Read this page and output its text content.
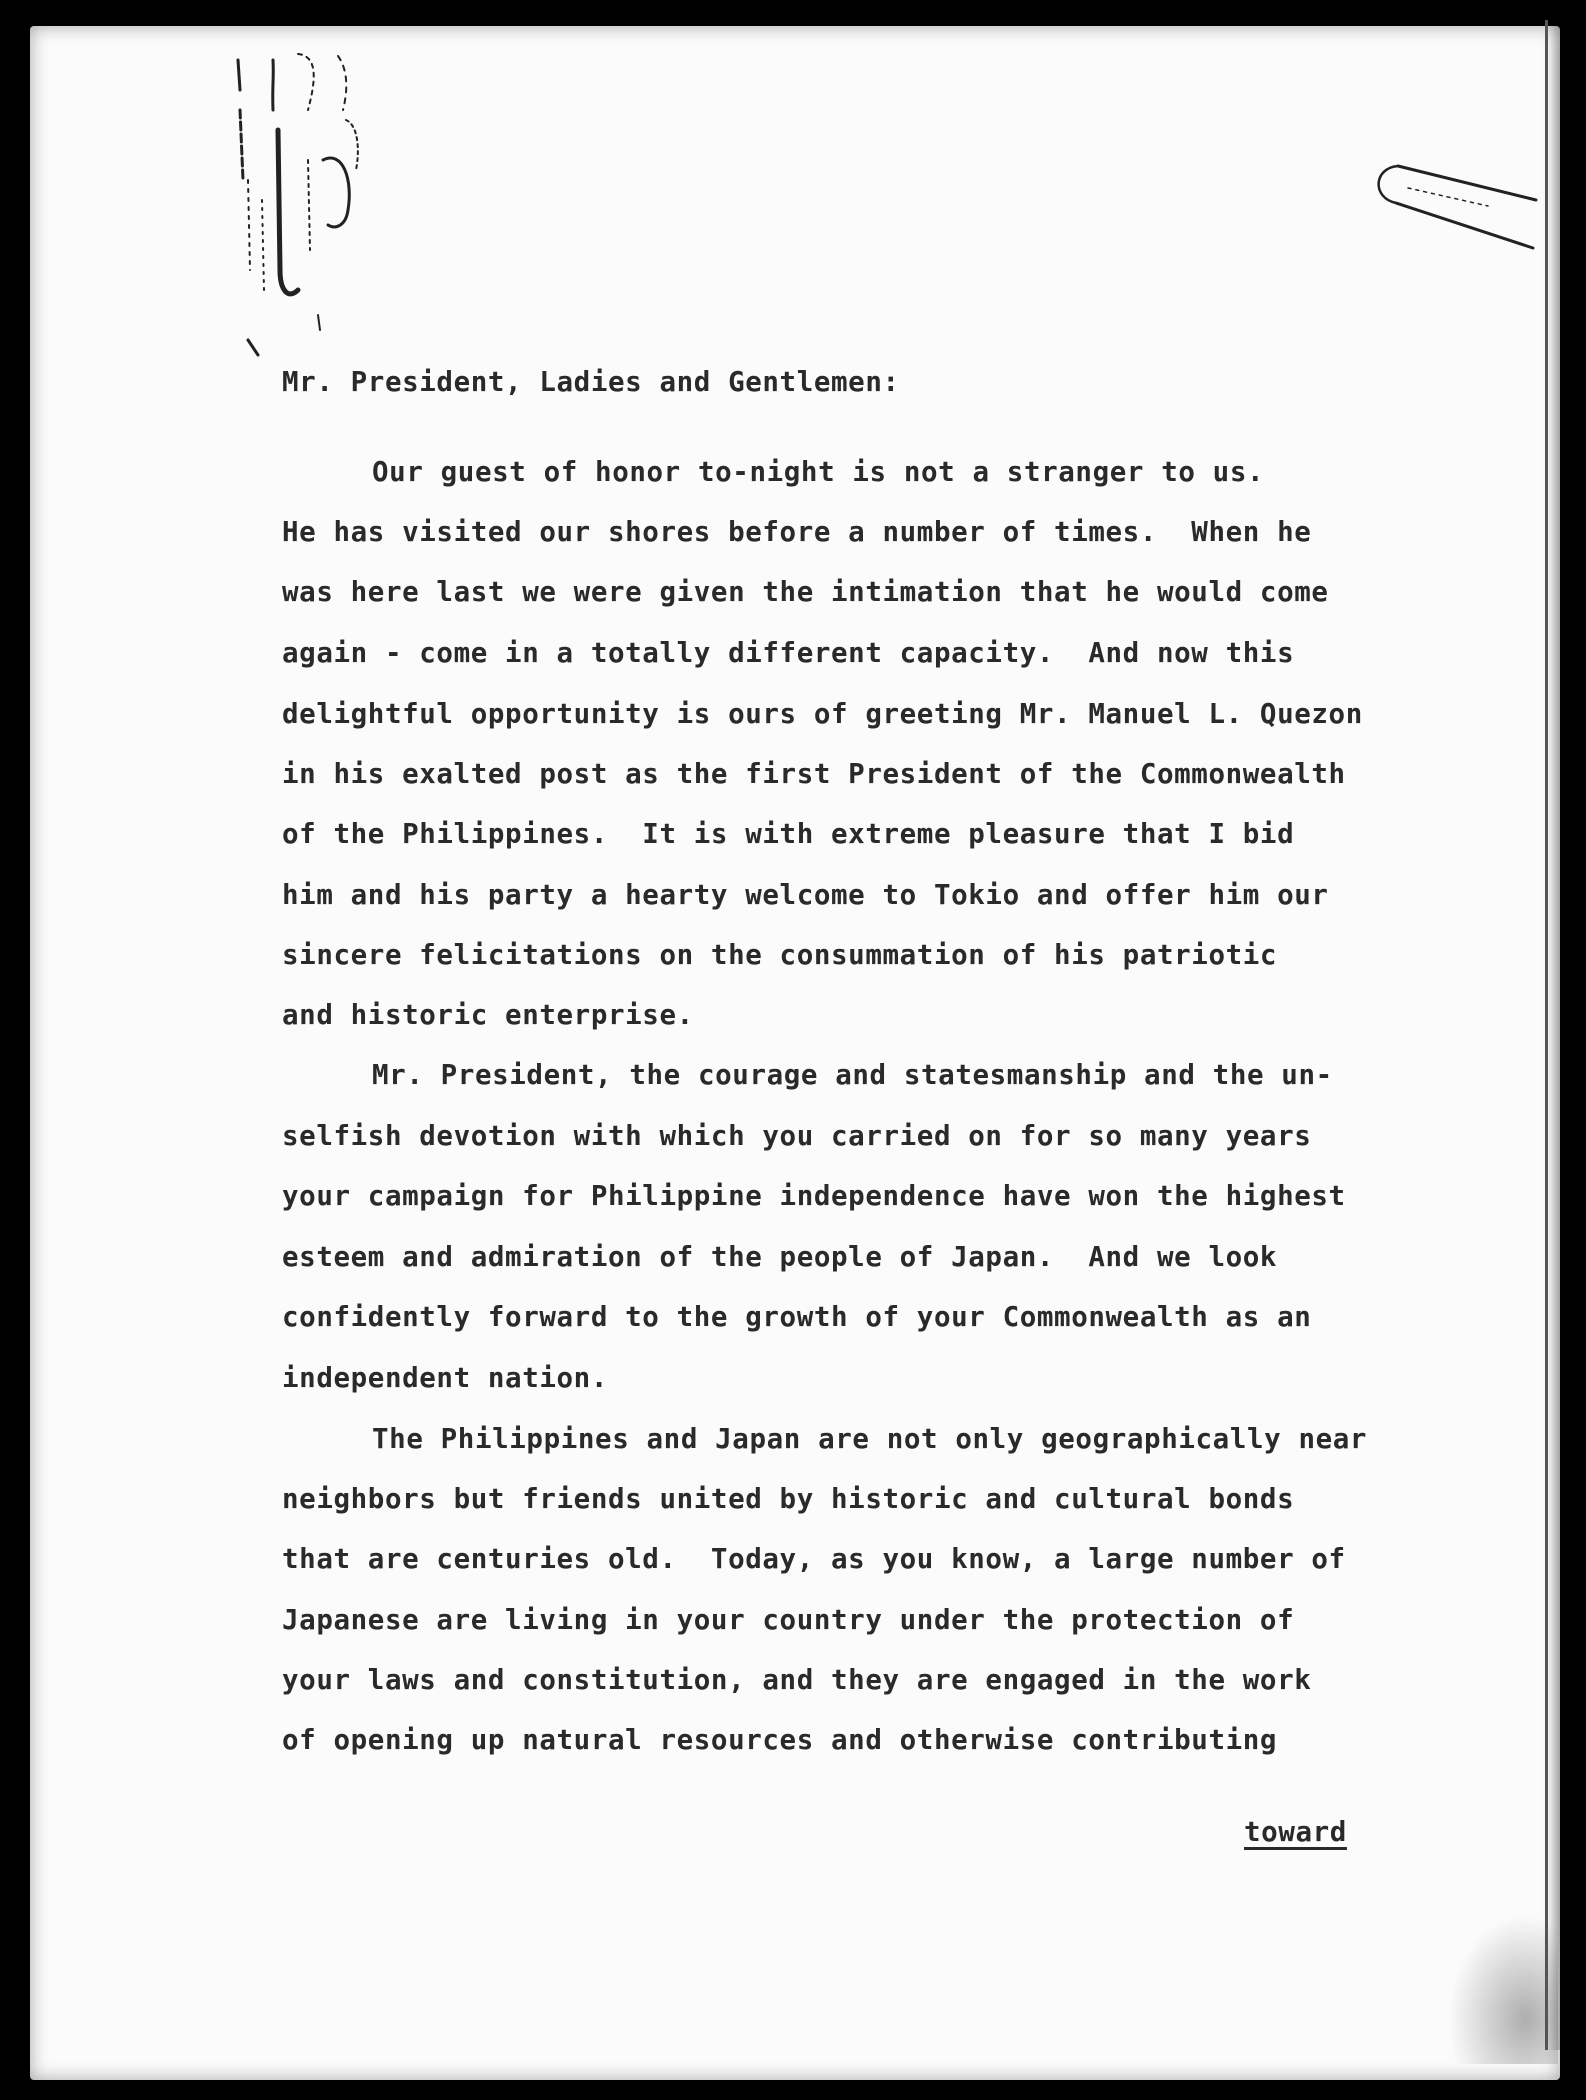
Mr. President, Ladies and Gentlemen:

Our guest of honor to-night is not a stranger to us.

He has visited our shores before a number of times.  When he

was here last we were given the intimation that he would come

again - come in a totally different capacity.  And now this

delightful opportunity is ours of greeting Mr. Manuel L. Quezon

in his exalted post as the first President of the Commonwealth

of the Philippines.  It is with extreme pleasure that I bid

him and his party a hearty welcome to Tokio and offer him our

sincere felicitations on the consummation of his patriotic

and historic enterprise.

Mr. President, the courage and statesmanship and the un-

selfish devotion with which you carried on for so many years

your campaign for Philippine independence have won the highest

esteem and admiration of the people of Japan.  And we look

confidently forward to the growth of your Commonwealth as an

independent nation.

The Philippines and Japan are not only geographically near

neighbors but friends united by historic and cultural bonds

that are centuries old.  Today, as you know, a large number of

Japanese are living in your country under the protection of

your laws and constitution, and they are engaged in the work

of opening up natural resources and otherwise contributing

toward
